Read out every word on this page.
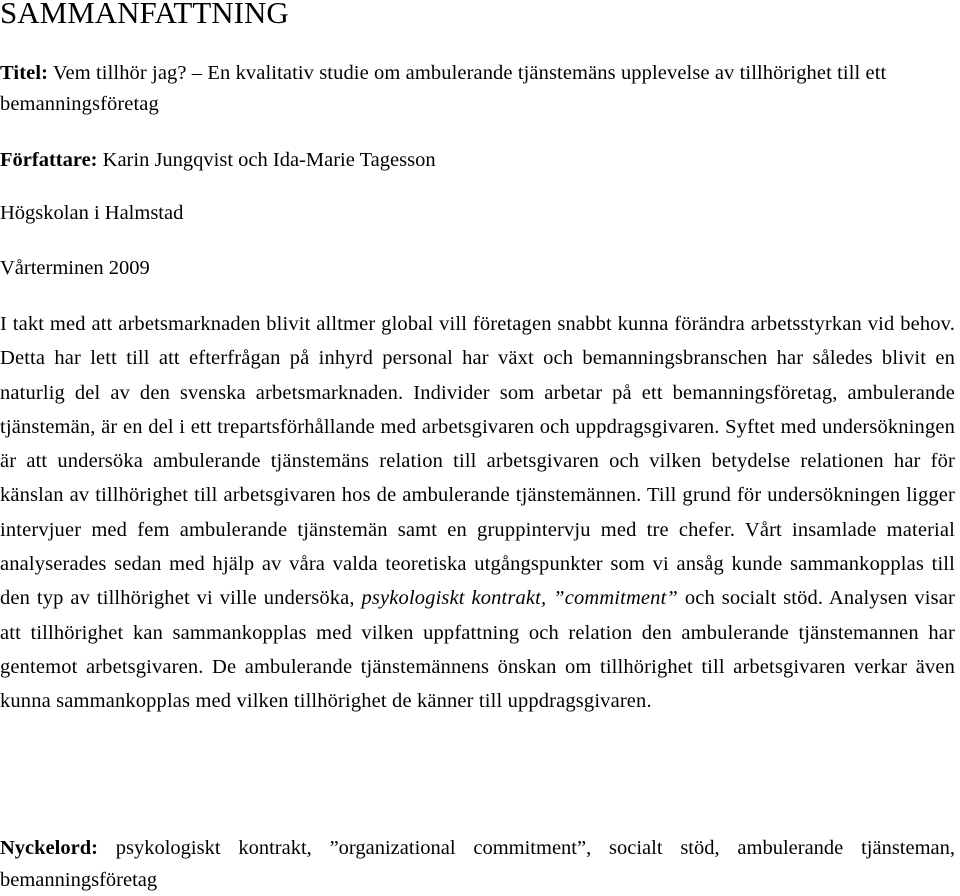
SAMMANFATTNING

Titel: Vem tillhör jag? – En kvalitativ studie om ambulerande tjänstemäns upplevelse av tillhörighet till ett bemanningsföretag

Författare: Karin Jungqvist och Ida-Marie Tagesson

Högskolan i Halmstad

Vårterminen 2009

I takt med att arbetsmarknaden blivit alltmer global vill företagen snabbt kunna förändra arbetsstyrkan vid behov. Detta har lett till att efterfrågan på inhyrd personal har växt och bemanningsbranschen har således blivit en naturlig del av den svenska arbetsmarknaden. Individer som arbetar på ett bemanningsföretag, ambulerande tjänstemän, är en del i ett trepartsförhållande med arbetsgivaren och uppdragsgivaren. Syftet med undersökningen är att undersöka ambulerande tjänstemäns relation till arbetsgivaren och vilken betydelse relationen har för känslan av tillhörighet till arbetsgivaren hos de ambulerande tjänstemännen. Till grund för undersökningen ligger intervjuer med fem ambulerande tjänstemän samt en gruppintervju med tre chefer. Vårt insamlade material analyserades sedan med hjälp av våra valda teoretiska utgångspunkter som vi ansåg kunde sammankopplas till den typ av tillhörighet vi ville undersöka, psykologiskt kontrakt, ”commitment” och socialt stöd. Analysen visar att tillhörighet kan sammankopplas med vilken uppfattning och relation den ambulerande tjänstemannen har gentemot arbetsgivaren. De ambulerande tjänstemännens önskan om tillhörighet till arbetsgivaren verkar även kunna sammankopplas med vilken tillhörighet de känner till uppdragsgivaren.

Nyckelord: psykologiskt kontrakt, ”organizational commitment”, socialt stöd, ambulerande tjänsteman, bemanningsföretag
